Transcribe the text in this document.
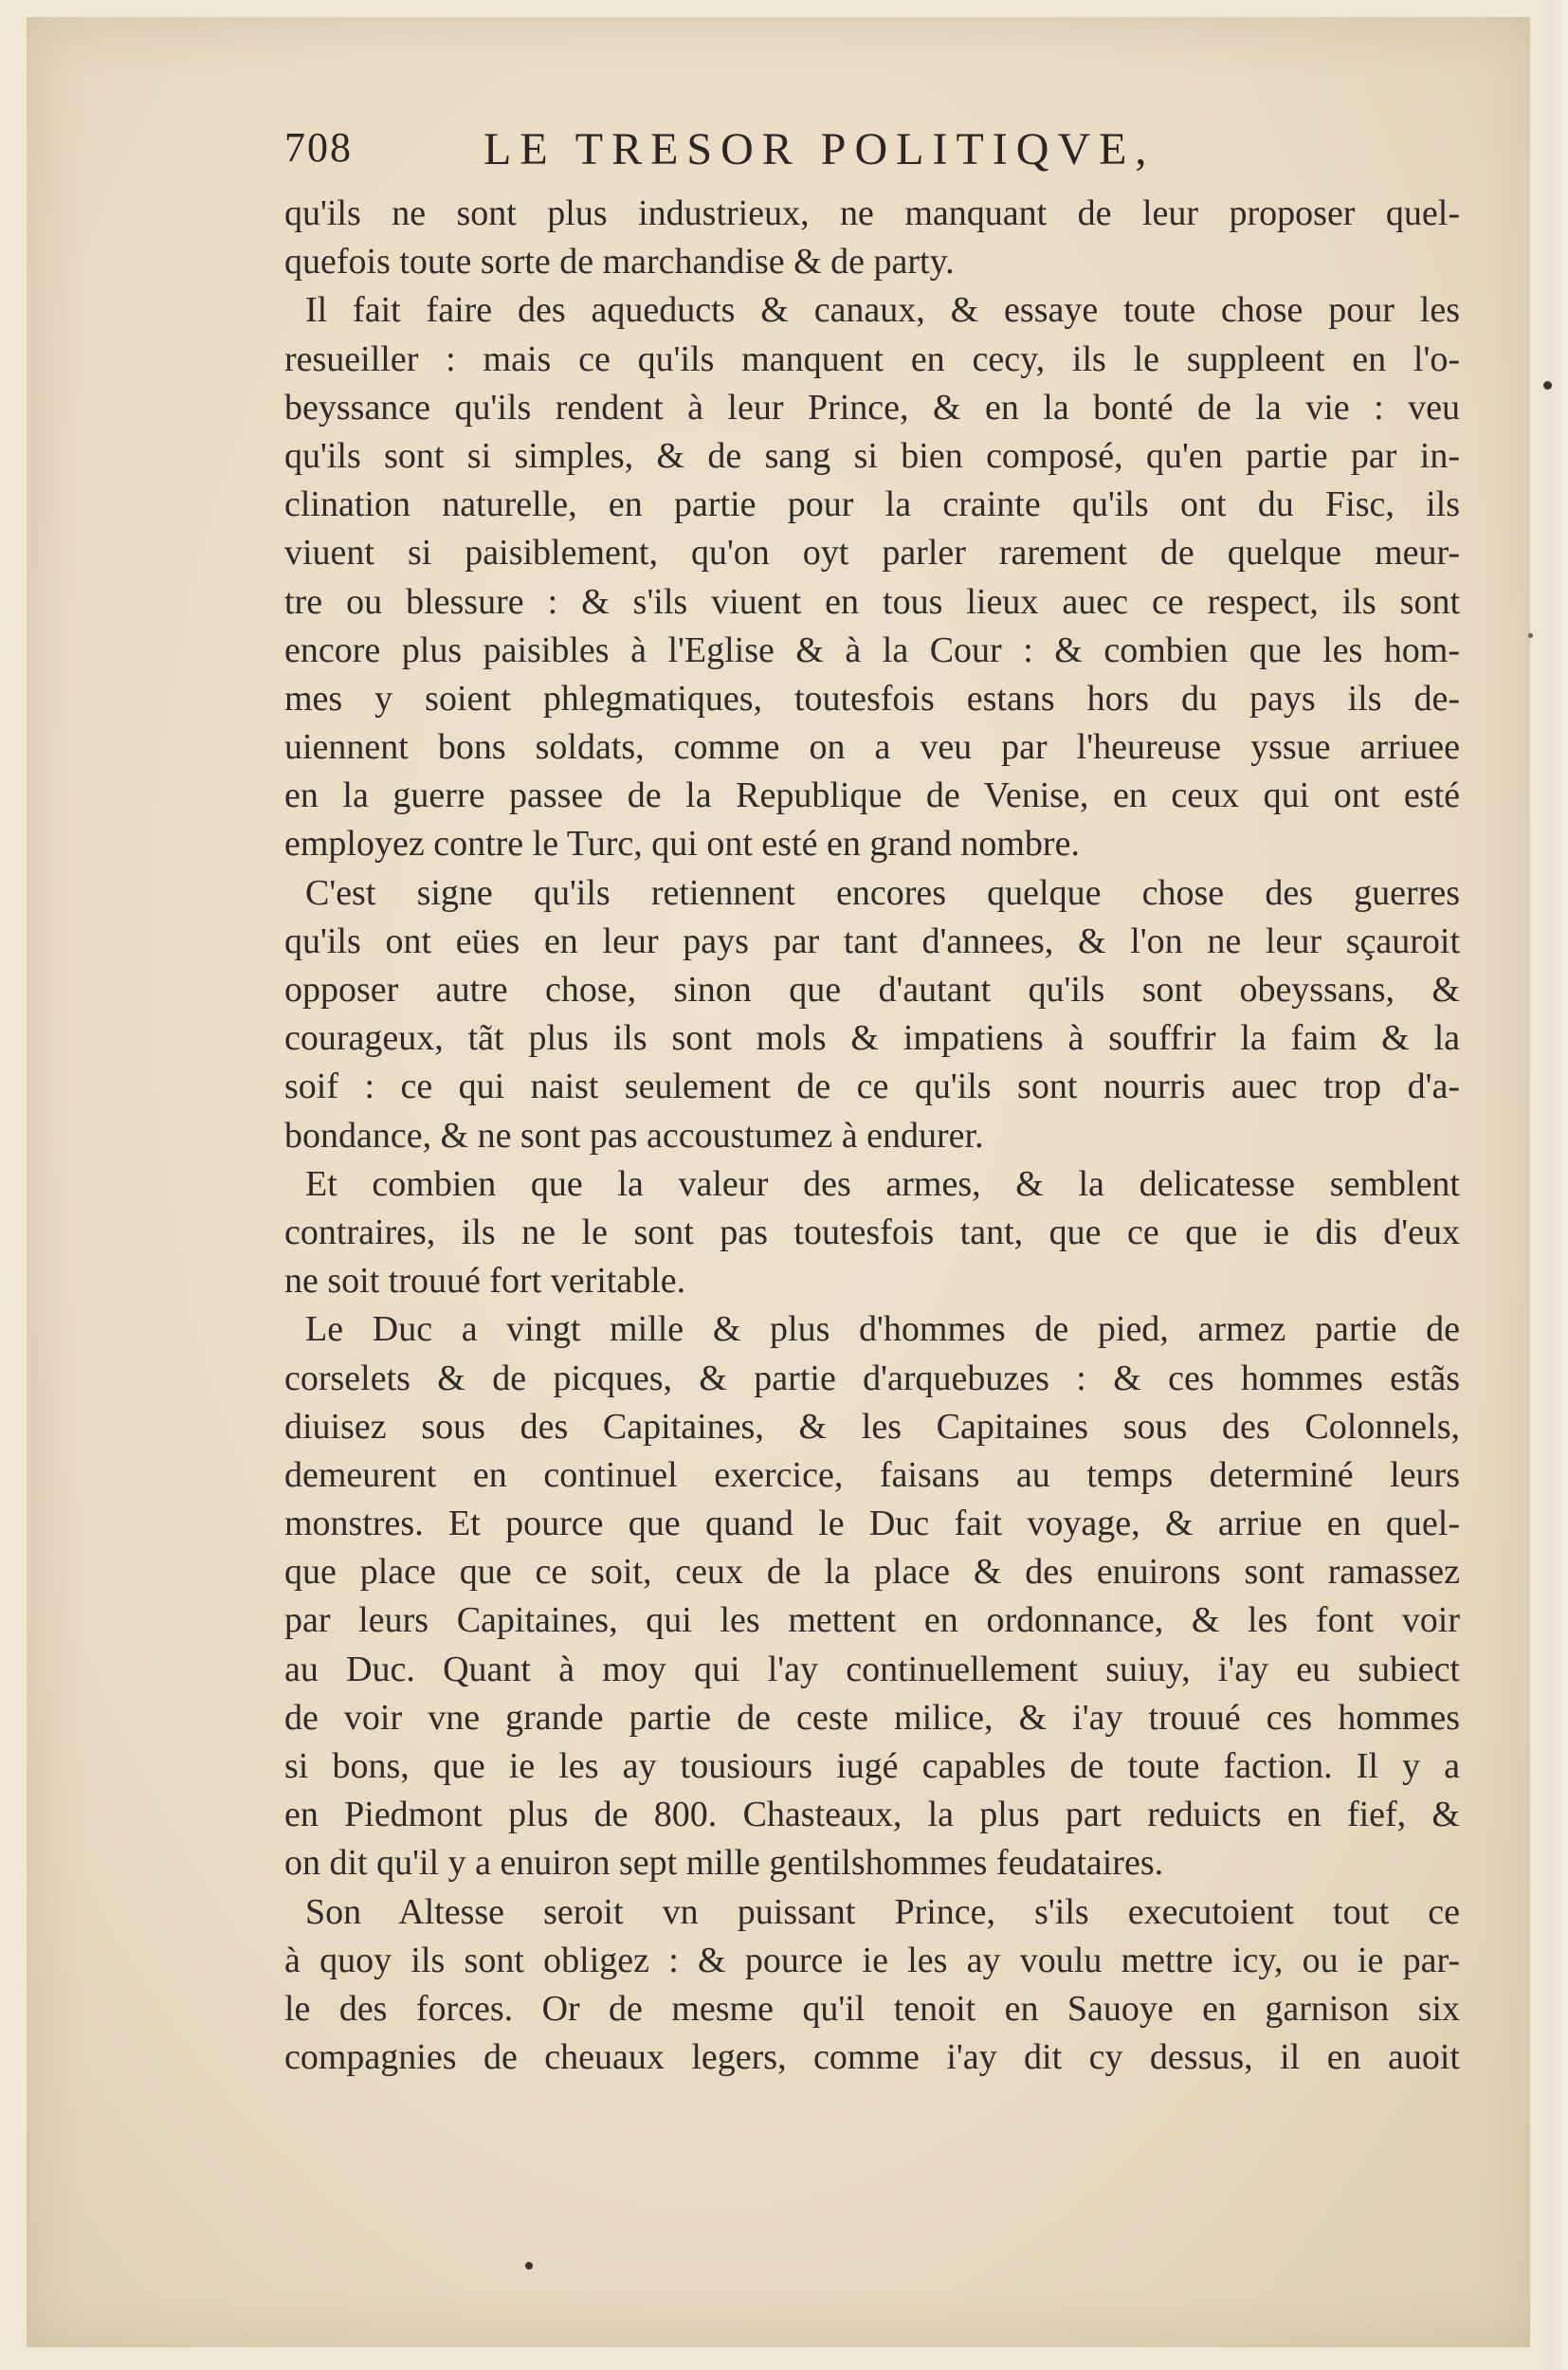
708	LE TRESOR POLITIQVE,
qu'ils ne sont plus industrieux, ne manquant de leur proposer quel-
quefois toute sorte de marchandise & de party.
Il fait faire des aqueducts & canaux, & essaye toute chose pour les
resueiller : mais ce qu'ils manquent en cecy, ils le suppleent en l'o-
beyssance qu'ils rendent à leur Prince, & en la bonté de la vie : veu
qu'ils sont si simples, & de sang si bien composé, qu'en partie par in-
clination naturelle, en partie pour la crainte qu'ils ont du Fisc, ils
viuent si paisiblement, qu'on oyt parler rarement de quelque meur-
tre ou blessure : & s'ils viuent en tous lieux auec ce respect, ils sont
encore plus paisibles à l'Eglise & à la Cour : & combien que les hom-
mes y soient phlegmatiques, toutesfois estans hors du pays ils de-
uiennent bons soldats, comme on a veu par l'heureuse yssue arriuee
en la guerre passee de la Republique de Venise, en ceux qui ont esté
employez contre le Turc, qui ont esté en grand nombre.
C'est signe qu'ils retiennent encores quelque chose des guerres
qu'ils ont eües en leur pays par tant d'annees, & l'on ne leur sçauroit
opposer autre chose, sinon que d'autant qu'ils sont obeyssans, &
courageux, tãt plus ils sont mols & impatiens à souffrir la faim & la
soif : ce qui naist seulement de ce qu'ils sont nourris auec trop d'a-
bondance, & ne sont pas accoustumez à endurer.
Et combien que la valeur des armes, & la delicatesse semblent
contraires, ils ne le sont pas toutesfois tant, que ce que ie dis d'eux
ne soit trouué fort veritable.
Le Duc a vingt mille & plus d'hommes de pied, armez partie de
corselets & de picques, & partie d'arquebuzes : & ces hommes estãs
diuisez sous des Capitaines, & les Capitaines sous des Colonnels,
demeurent en continuel exercice, faisans au temps determiné leurs
monstres. Et pource que quand le Duc fait voyage, & arriue en quel-
que place que ce soit, ceux de la place & des enuirons sont ramassez
par leurs Capitaines, qui les mettent en ordonnance, & les font voir
au Duc. Quant à moy qui l'ay continuellement suiuy, i'ay eu subiect
de voir vne grande partie de ceste milice, & i'ay trouué ces hommes
si bons, que ie les ay tousiours iugé capables de toute faction. Il y a
en Piedmont plus de 800. Chasteaux, la plus part reduicts en fief, &
on dit qu'il y a enuiron sept mille gentilshommes feudataires.
Son Altesse seroit vn puissant Prince, s'ils executoient tout ce
à quoy ils sont obligez : & pource ie les ay voulu mettre icy, ou ie par-
le des forces. Or de mesme qu'il tenoit en Sauoye en garnison six
compagnies de cheuaux legers, comme i'ay dit cy dessus, il en auoit
